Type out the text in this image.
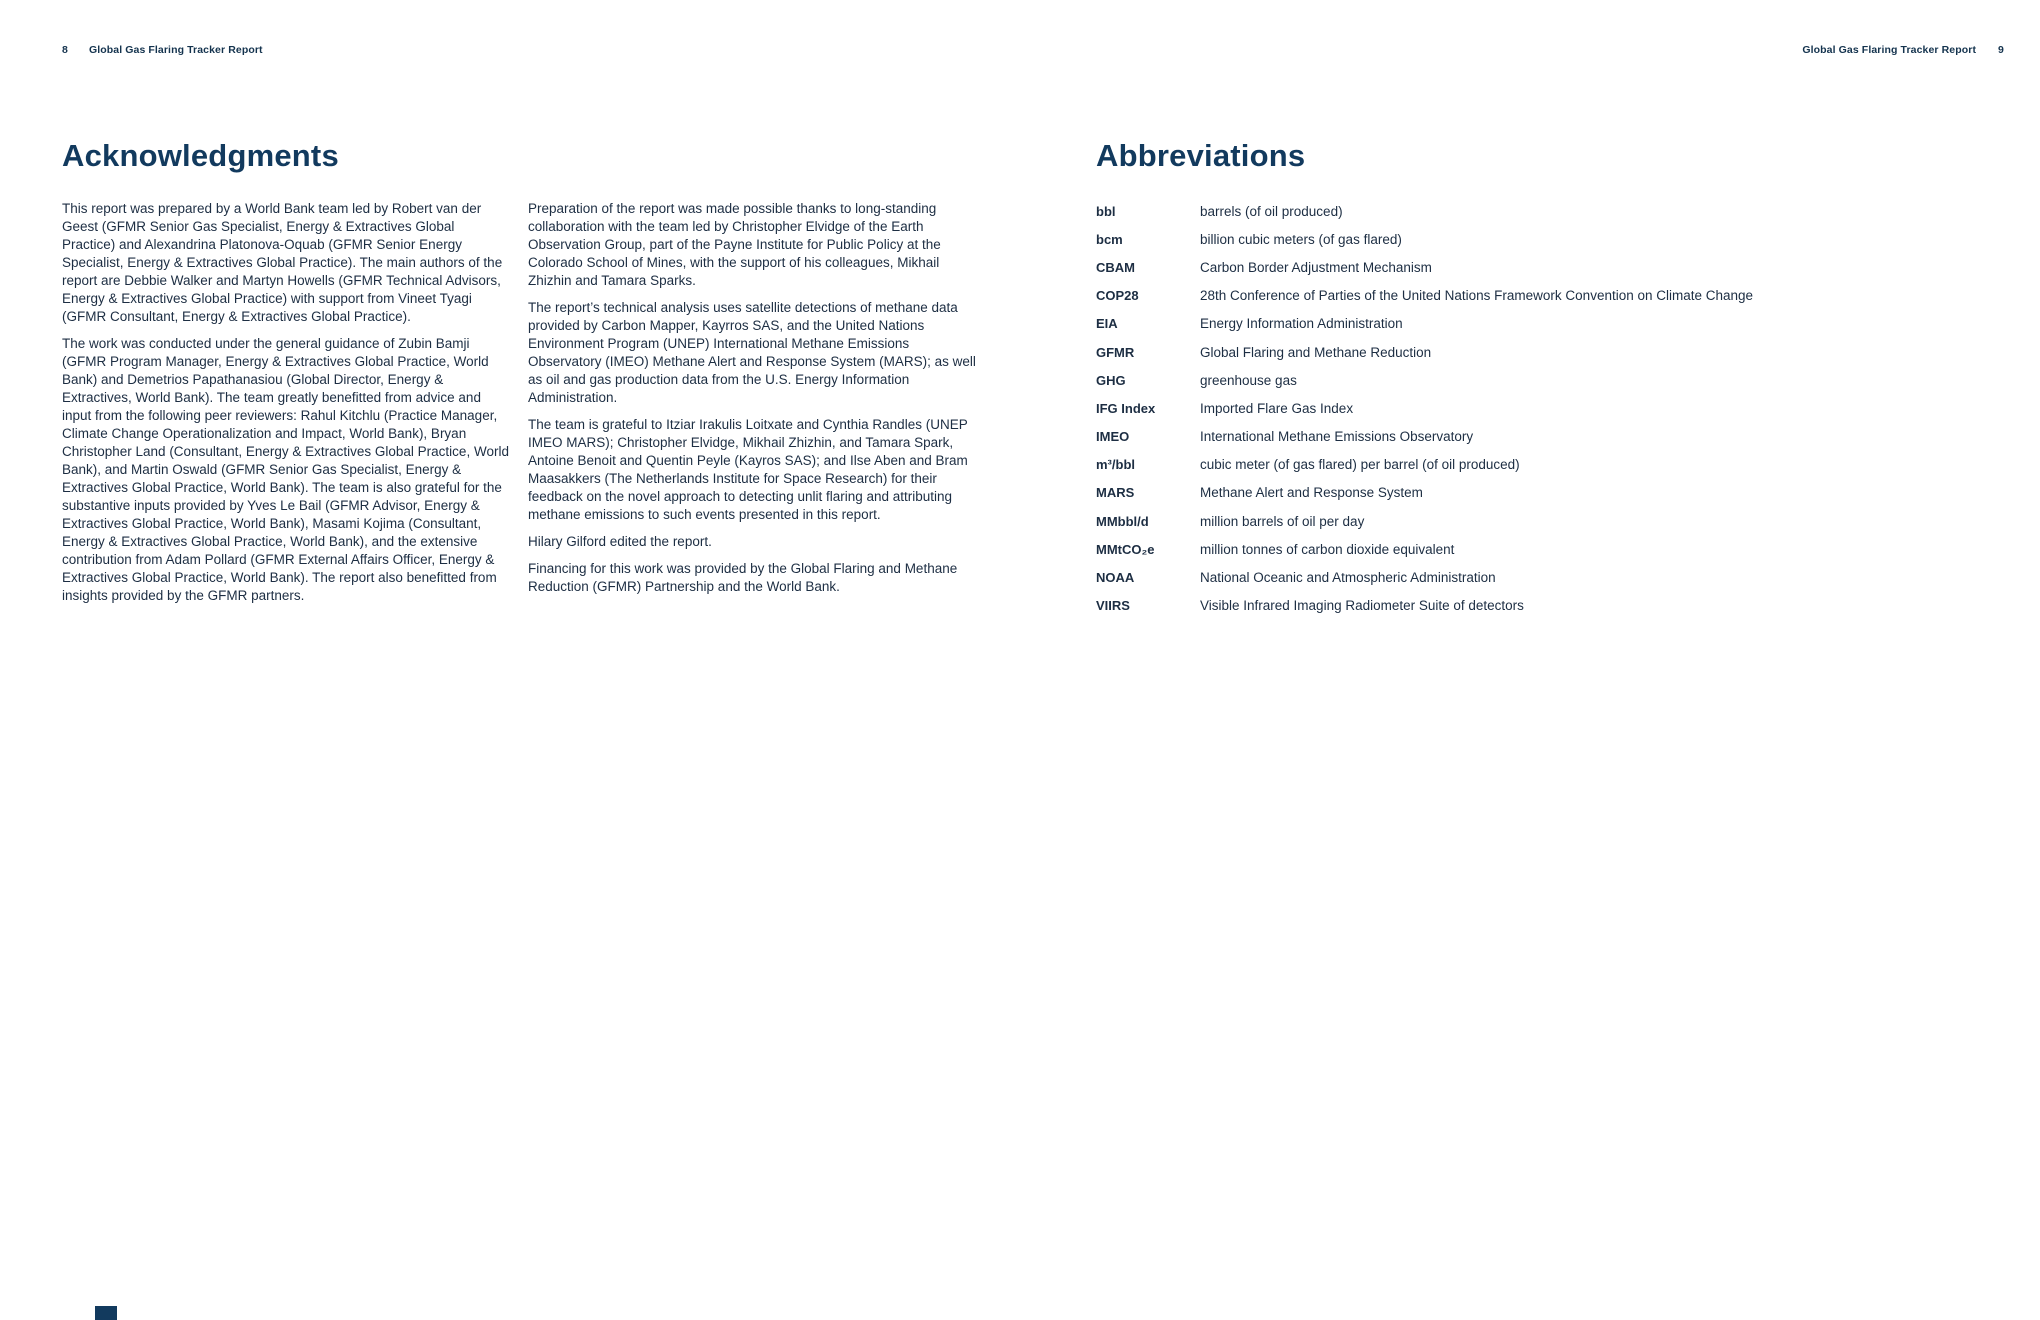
8 Global Gas Flaring Tracker Report
Acknowledgments

This report was prepared by a World Bank team led by Robert van der Geest (GFMR Senior Gas Specialist, Energy & Extractives Global Practice) and Alexandrina Platonova-Oquab (GFMR Senior Energy Specialist, Energy & Extractives Global Practice). The main authors of the report are Debbie Walker and Martyn Howells (GFMR Technical Advisors, Energy & Extractives Global Practice) with support from Vineet Tyagi (GFMR Consultant, Energy & Extractives Global Practice).

The work was conducted under the general guidance of Zubin Bamji (GFMR Program Manager, Energy & Extractives Global Practice, World Bank) and Demetrios Papathanasiou (Global Director, Energy & Extractives, World Bank). The team greatly benefitted from advice and input from the following peer reviewers: Rahul Kitchlu (Practice Manager, Climate Change Operationalization and Impact, World Bank), Bryan Christopher Land (Consultant, Energy & Extractives Global Practice, World Bank), and Martin Oswald (GFMR Senior Gas Specialist, Energy & Extractives Global Practice, World Bank). The team is also grateful for the substantive inputs provided by Yves Le Bail (GFMR Advisor, Energy & Extractives Global Practice, World Bank), Masami Kojima (Consultant, Energy & Extractives Global Practice, World Bank), and the extensive contribution from Adam Pollard (GFMR External Affairs Officer, Energy & Extractives Global Practice, World Bank). The report also benefitted from insights provided by the GFMR partners.

Preparation of the report was made possible thanks to long-standing collaboration with the team led by Christopher Elvidge of the Earth Observation Group, part of the Payne Institute for Public Policy at the Colorado School of Mines, with the support of his colleagues, Mikhail Zhizhin and Tamara Sparks.

The report’s technical analysis uses satellite detections of methane data provided by Carbon Mapper, Kayrros SAS, and the United Nations Environment Program (UNEP) International Methane Emissions Observatory (IMEO) Methane Alert and Response System (MARS); as well as oil and gas production data from the U.S. Energy Information Administration.

The team is grateful to Itziar Irakulis Loitxate and Cynthia Randles (UNEP IMEO MARS); Christopher Elvidge, Mikhail Zhizhin, and Tamara Spark, Antoine Benoit and Quentin Peyle (Kayros SAS); and Ilse Aben and Bram Maasakkers (The Netherlands Institute for Space Research) for their feedback on the novel approach to detecting unlit flaring and attributing methane emissions to such events presented in this report.

Hilary Gilford edited the report.

Financing for this work was provided by the Global Flaring and Methane Reduction (GFMR) Partnership and the World Bank.

Global Gas Flaring Tracker Report 9
Abbreviations
bbl	barrels (of oil produced)
bcm	billion cubic meters (of gas flared)
CBAM	Carbon Border Adjustment Mechanism
COP28	28th Conference of Parties of the United Nations Framework Convention on Climate Change
EIA	Energy Information Administration
GFMR	Global Flaring and Methane Reduction
GHG	greenhouse gas
IFG Index	Imported Flare Gas Index
IMEO	International Methane Emissions Observatory
m³/bbl	cubic meter (of gas flared) per barrel (of oil produced)
MARS	Methane Alert and Response System
MMbbl/d	million barrels of oil per day
MMtCO₂e	million tonnes of carbon dioxide equivalent
NOAA	National Oceanic and Atmospheric Administration
VIIRS	Visible Infrared Imaging Radiometer Suite of detectors
